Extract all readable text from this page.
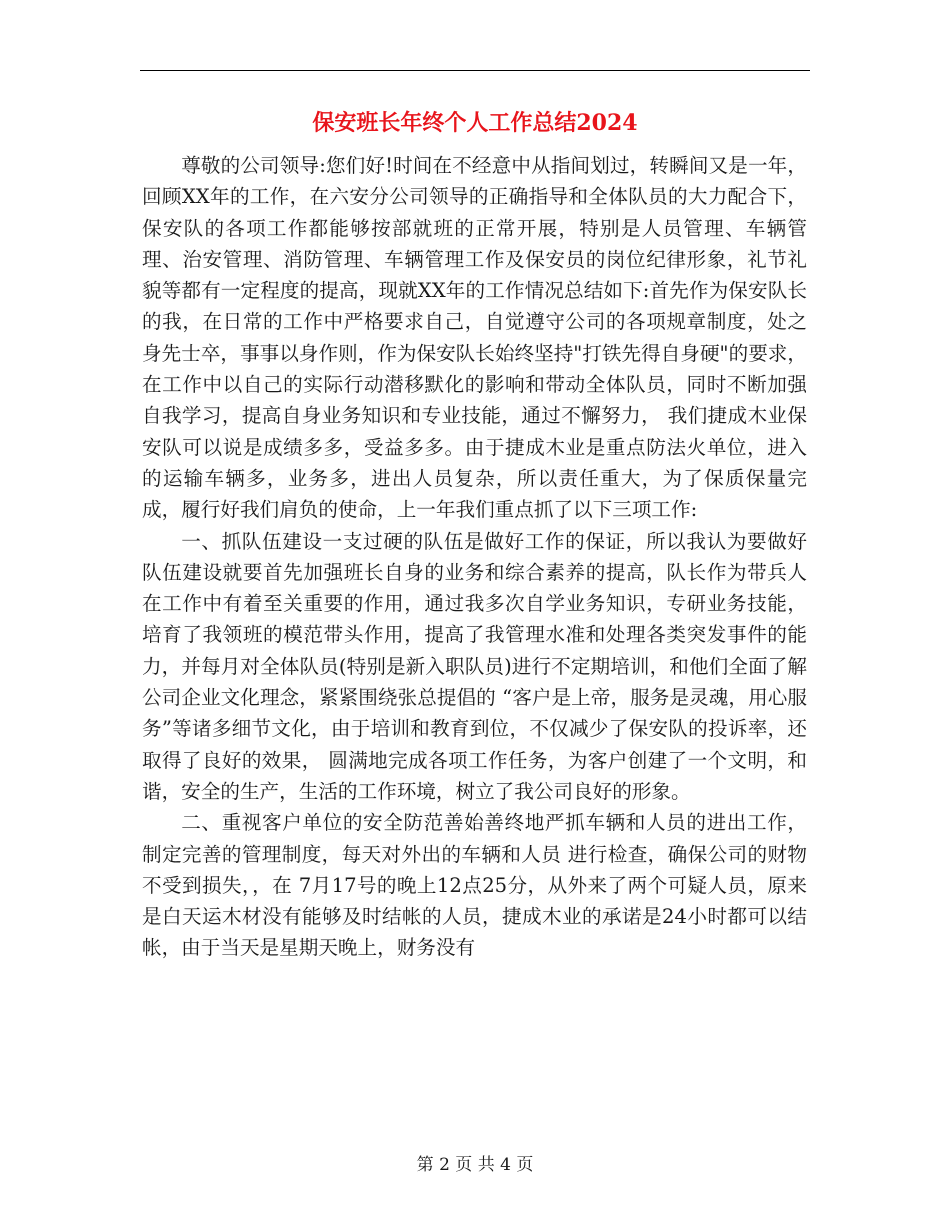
保安班长年终个人工作总结2024

尊敬的公司领导:您们好!时间在不经意中从指间划过，转瞬间又是一年，回顾XX年的工作，在六安分公司领导的正确指导和全体队员的大力配合下，保安队的各项工作都能够按部就班的正常开展，特别是人员管理、车辆管理、治安管理、消防管理、车辆管理工作及保安员的岗位纪律形象，礼节礼貌等都有一定程度的提高，现就XX年的工作情况总结如下:首先作为保安队长的我，在日常的工作中严格要求自己，自觉遵守公司的各项规章制度，处之身先士卒，事事以身作则，作为保安队长始终坚持"打铁先得自身硬"的要求，在工作中以自己的实际行动潜移默化的影响和带动全体队员，同时不断加强自我学习，提高自身业务知识和专业技能，通过不懈努力， 我们捷成木业保安队可以说是成绩多多，受益多多。由于捷成木业是重点防法火单位，进入的运输车辆多，业务多，进出人员复杂，所以责任重大，为了保质保量完成，履行好我们肩负的使命，上一年我们重点抓了以下三项工作:

一、抓队伍建设一支过硬的队伍是做好工作的保证，所以我认为要做好队伍建设就要首先加强班长自身的业务和综合素养的提高，队长作为带兵人在工作中有着至关重要的作用，通过我多次自学业务知识，专研业务技能，培育了我领班的模范带头作用，提高了我管理水准和处理各类突发事件的能力，并每月对全体队员(特别是新入职队员)进行不定期培训，和他们全面了解公司企业文化理念，紧紧围绕张总提倡的 “客户是上帝，服务是灵魂，用心服务”等诸多细节文化，由于培训和教育到位，不仅减少了保安队的投诉率，还取得了良好的效果， 圆满地完成各项工作任务，为客户创建了一个文明，和谐，安全的生产，生活的工作环境，树立了我公司良好的形象。

二、重视客户单位的安全防范善始善终地严抓车辆和人员的进出工作，制定完善的管理制度，每天对外出的车辆和人员 进行检查，确保公司的财物不受到损失，，在 7月17号的晚上12点25分，从外来了两个可疑人员，原来是白天运木材没有能够及时结帐的人员，捷成木业的承诺是24小时都可以结帐，由于当天是星期天晚上，财务没有

第 2 页 共 4 页
